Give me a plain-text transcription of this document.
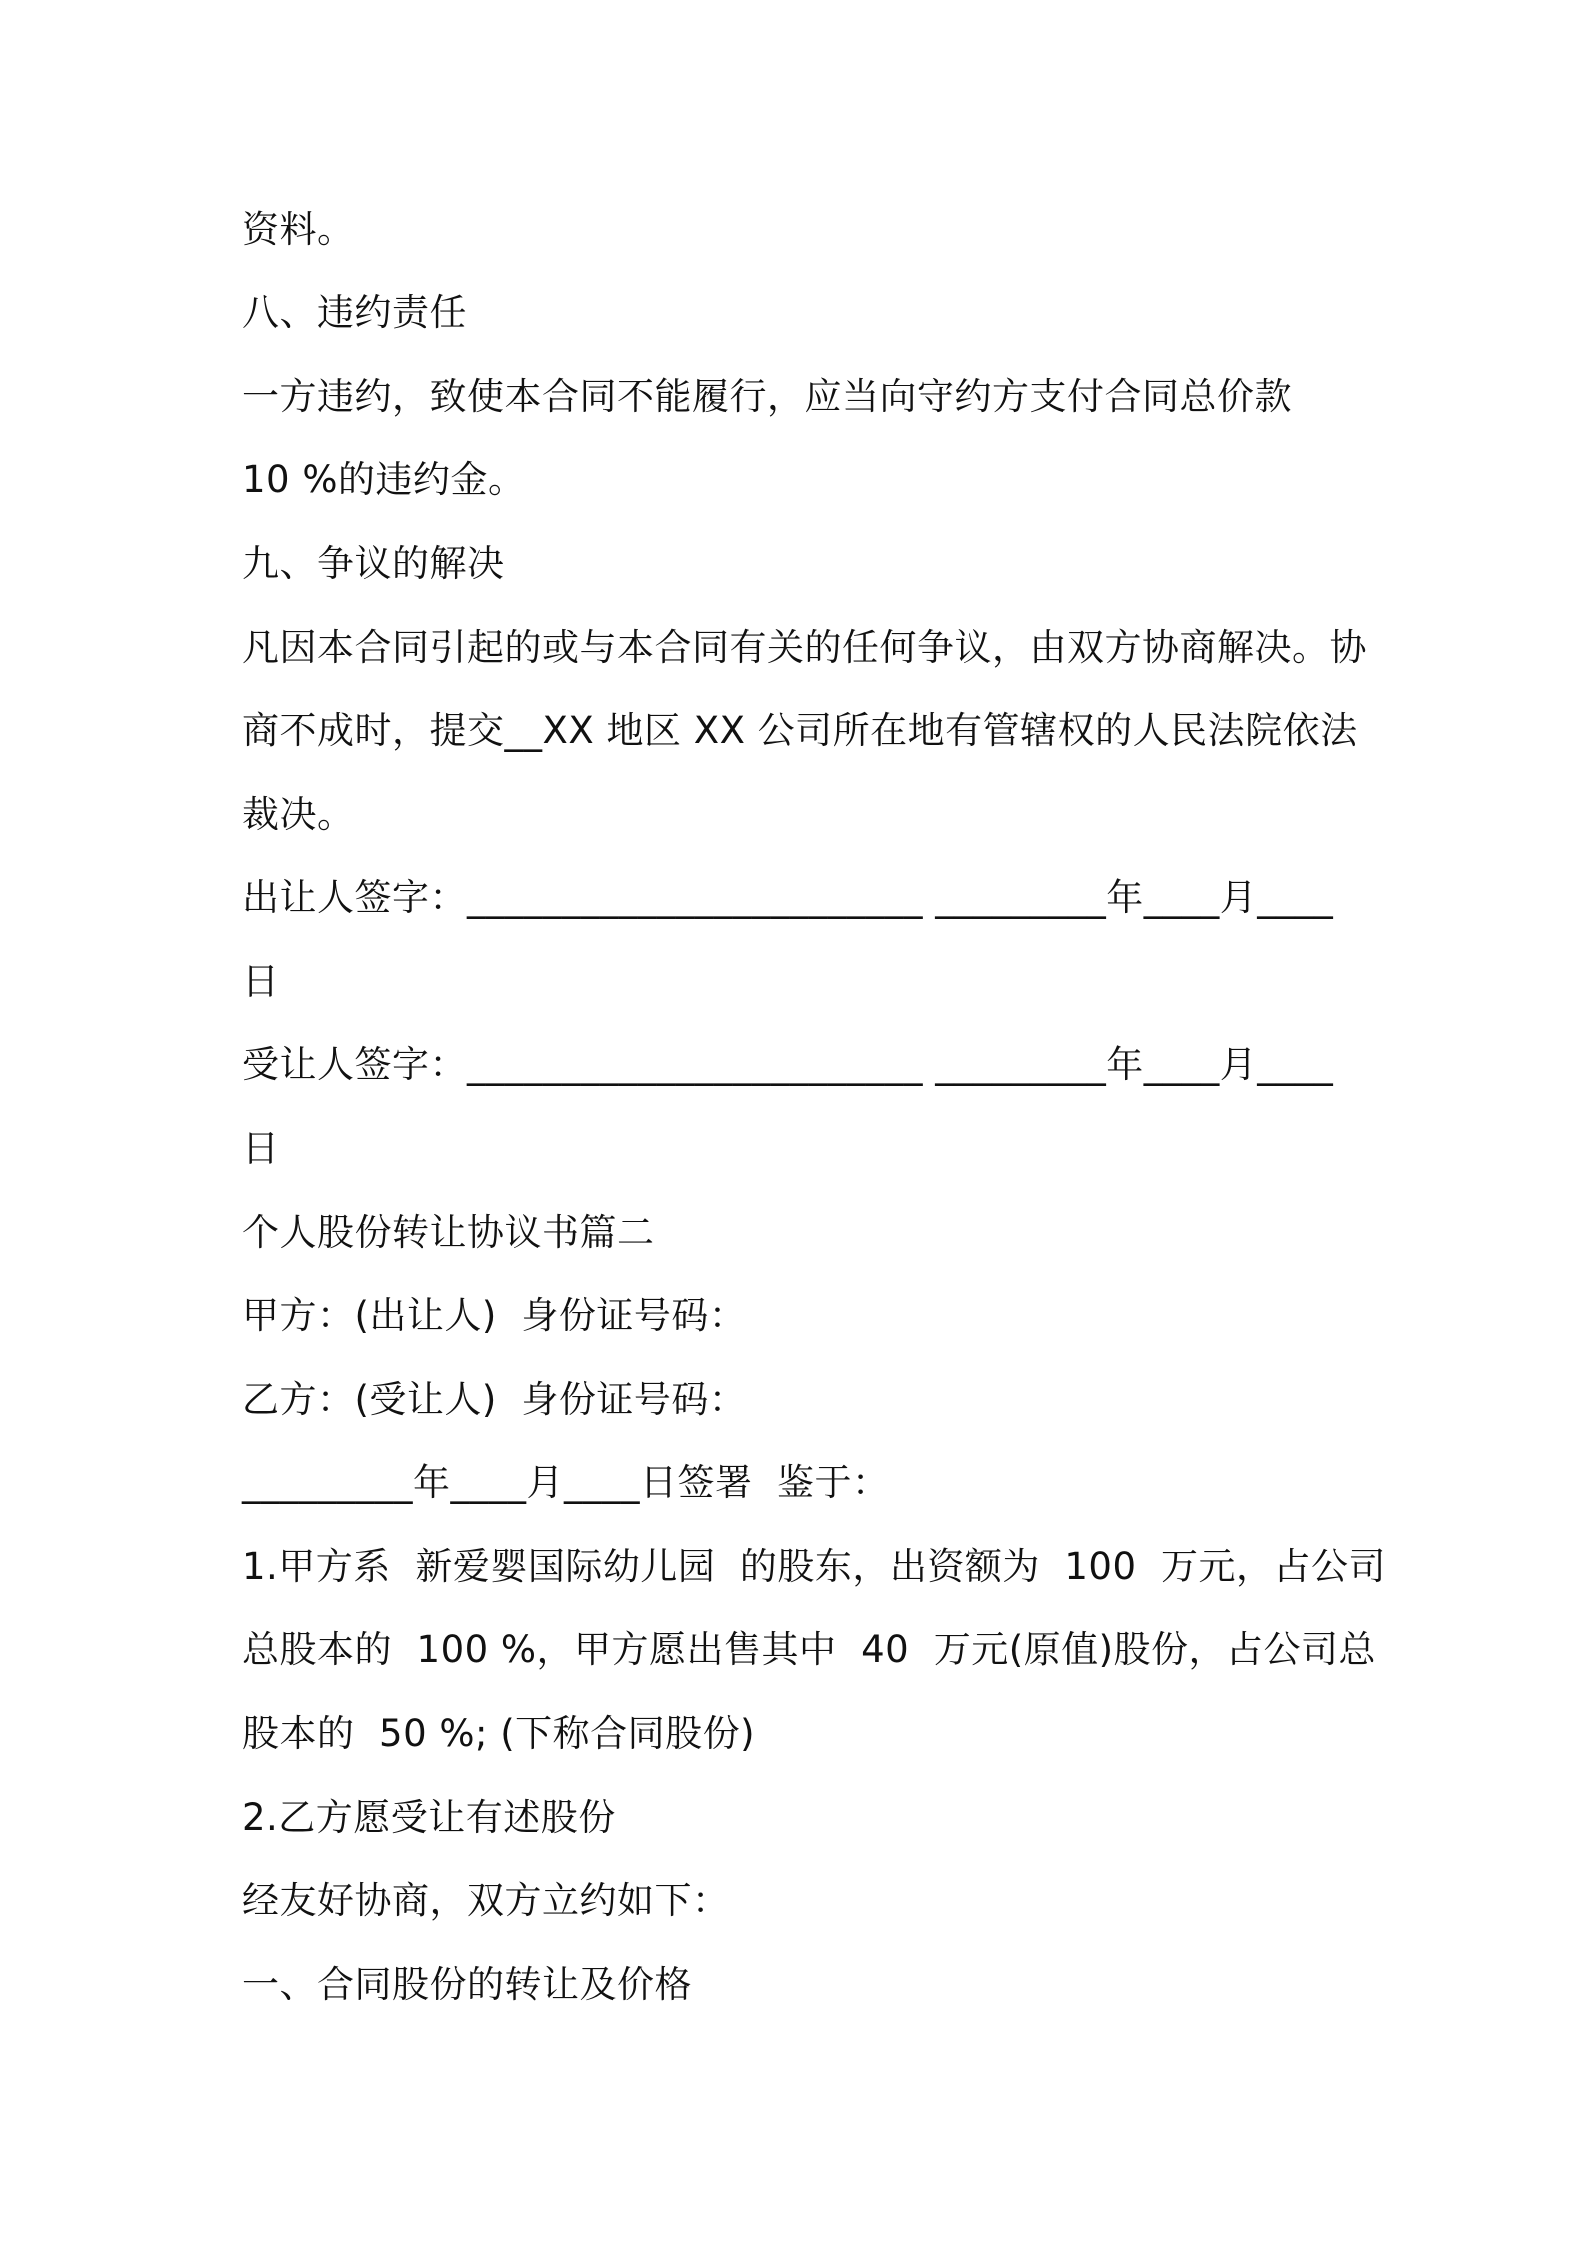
资料。
八、违约责任
一方违约，致使本合同不能履行，应当向守约方支付合同总价款
10 %的违约金。
九、争议的解决
凡因本合同引起的或与本合同有关的任何争议，由双方协商解决。协
商不成时，提交__XX 地区 XX 公司所在地有管辖权的人民法院依法
裁决。
出让人签字：________________________ _________年____月____
日
受让人签字：________________________ _________年____月____
日
个人股份转让协议书篇二
甲方：(出让人)  身份证号码：
乙方：(受让人)  身份证号码：
_________年____月____日签署  鉴于：
1.甲方系  新爱婴国际幼儿园  的股东，出资额为  100  万元，占公司
总股本的  100 %，甲方愿出售其中  40  万元(原值)股份，占公司总
股本的  50 %; (下称合同股份)
2.乙方愿受让有述股份
经友好协商，双方立约如下：
一、合同股份的转让及价格
